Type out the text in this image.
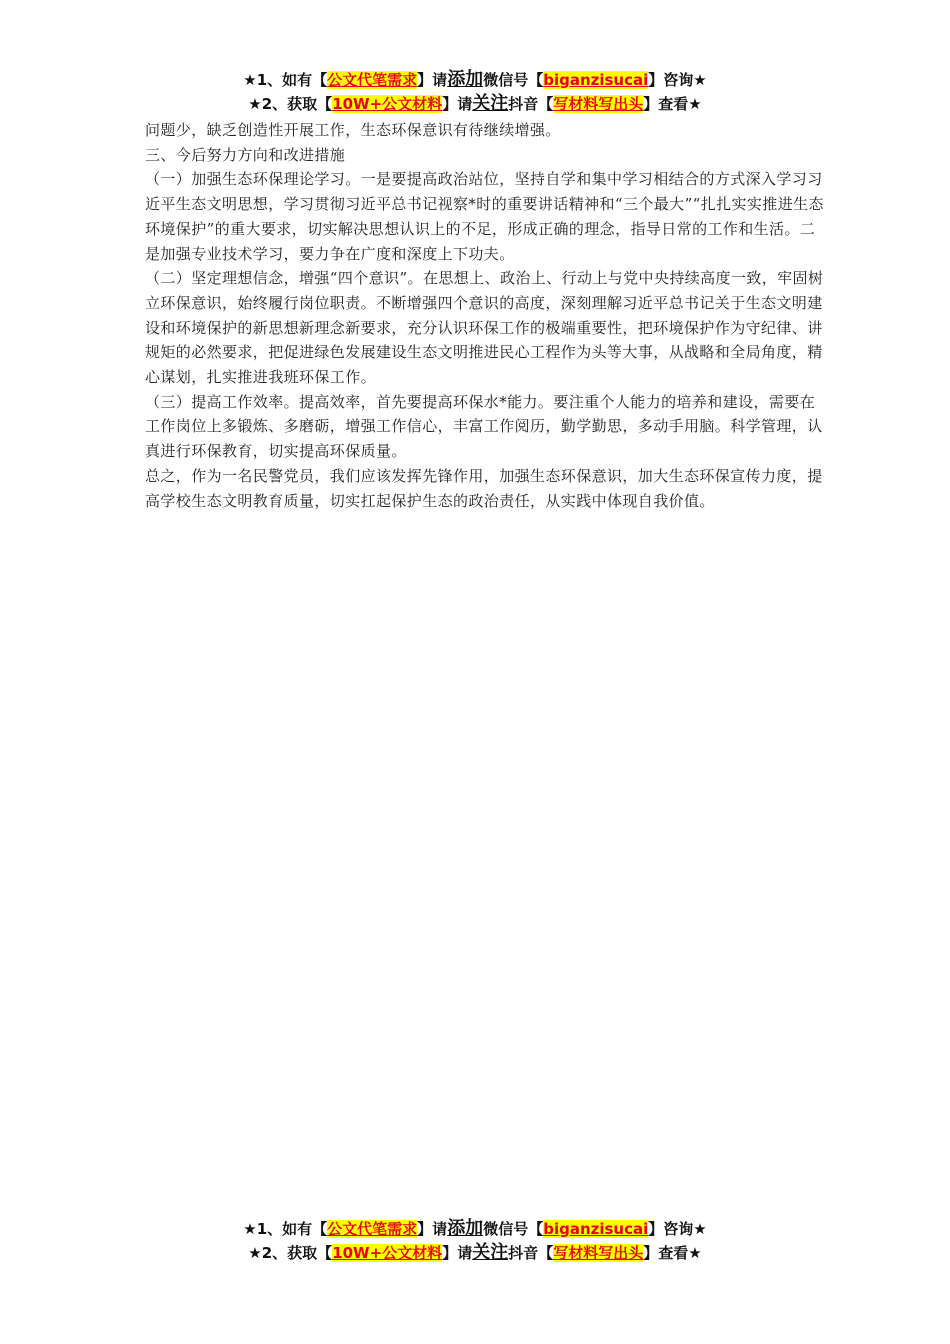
★1、如有【公文代笔需求】请添加微信号【biganzisucai】咨询★
★2、获取【10W+公文材料】请关注抖音【写材料写出头】查看★

问题少，缺乏创造性开展工作，生态环保意识有待继续增强。

三、今后努力方向和改进措施

（一）加强生态环保理论学习。一是要提高政治站位，坚持自学和集中学习相结合的方式深入学习习近平生态文明思想，学习贯彻习近平总书记视察*时的重要讲话精神和“三个最大”“扎扎实实推进生态环境保护”的重大要求，切实解决思想认识上的不足，形成正确的理念，指导日常的工作和生活。二是加强专业技术学习，要力争在广度和深度上下功夫。

（二）坚定理想信念，增强“四个意识”。在思想上、政治上、行动上与党中央持续高度一致，牢固树立环保意识，始终履行岗位职责。不断增强四个意识的高度，深刻理解习近平总书记关于生态文明建设和环境保护的新思想新理念新要求，充分认识环保工作的极端重要性，把环境保护作为守纪律、讲规矩的必然要求，把促进绿色发展建设生态文明推进民心工程作为头等大事，从战略和全局角度，精心谋划，扎实推进我班环保工作。

（三）提高工作效率。提高效率，首先要提高环保水*能力。要注重个人能力的培养和建设，需要在工作岗位上多锻炼、多磨砺，增强工作信心，丰富工作阅历，勤学勤思，多动手用脑。科学管理，认真进行环保教育，切实提高环保质量。

总之，作为一名民警党员，我们应该发挥先锋作用，加强生态环保意识，加大生态环保宣传力度，提高学校生态文明教育质量，切实扛起保护生态的政治责任，从实践中体现自我价值。

★1、如有【公文代笔需求】请添加微信号【biganzisucai】咨询★
★2、获取【10W+公文材料】请关注抖音【写材料写出头】查看★
